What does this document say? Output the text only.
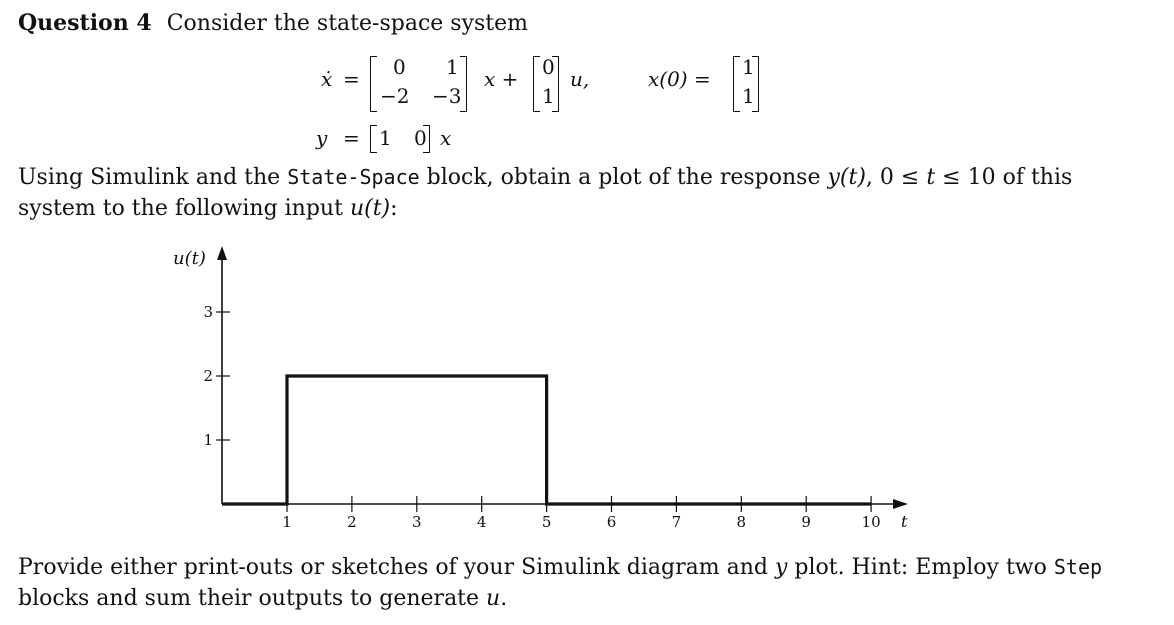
Question 4 Consider the state-space system
ẋ = 0 1
−2 −3
x + 0
1
u,	x(0) = 1
1
y = 1 0 x
Using Simulink and the State-Space block, obtain a plot of the response y(t), 0 ≤ t ≤ 10 of this
system to the following input u(t):
1
2
3
1	2	3	4	5	6	7	8	9	10
u(t)
t
Provide either print-outs or sketches of your Simulink diagram and y plot. Hint: Employ two Step
blocks and sum their outputs to generate u.
